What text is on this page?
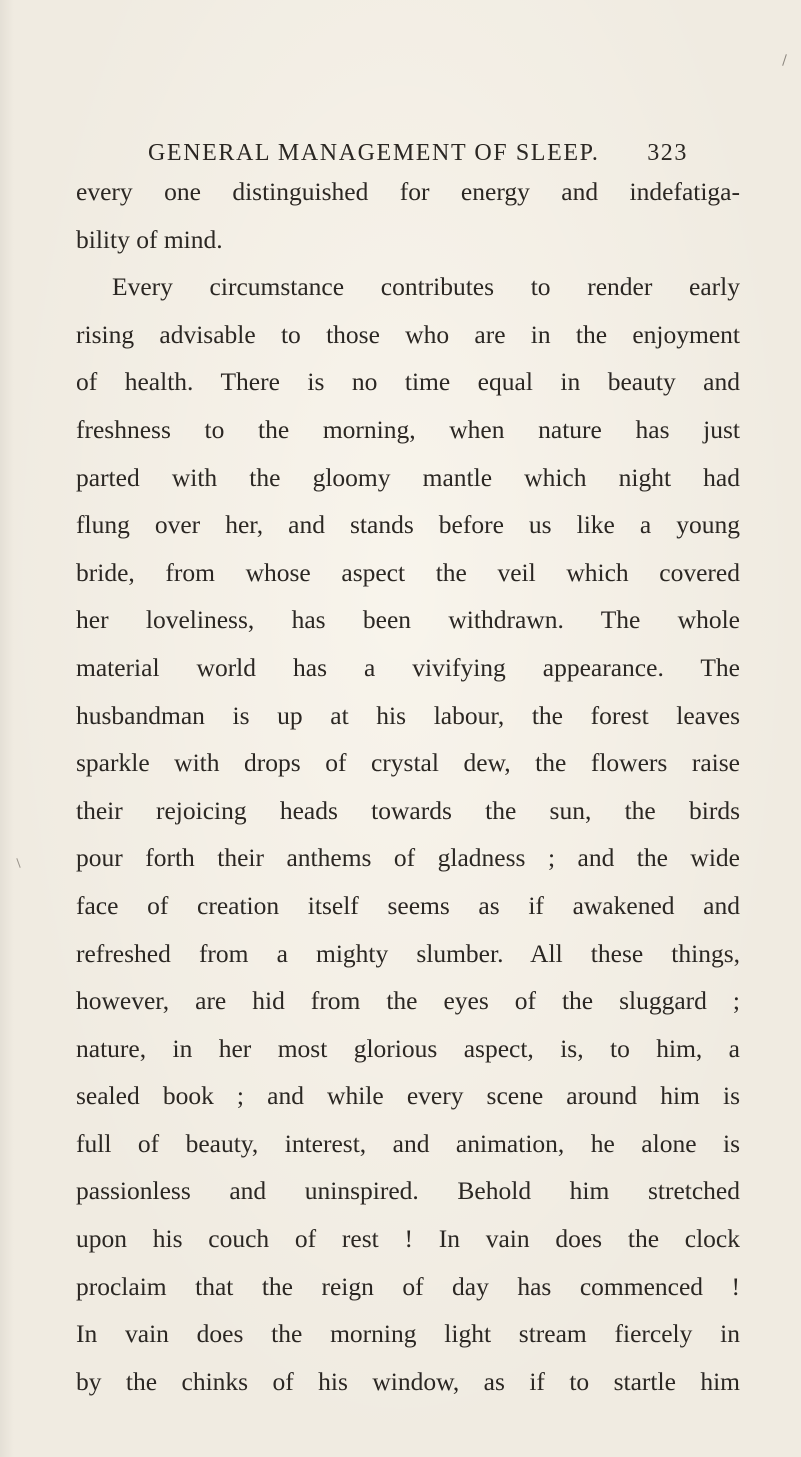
GENERAL MANAGEMENT OF SLEEP. 323
every one distinguished for energy and indefatiga-
bility of mind.
Every circumstance contributes to render early
rising advisable to those who are in the enjoyment
of health. There is no time equal in beauty and
freshness to the morning, when nature has just
parted with the gloomy mantle which night had
flung over her, and stands before us like a young
bride, from whose aspect the veil which covered
her loveliness, has been withdrawn. The whole
material world has a vivifying appearance. The
husbandman is up at his labour, the forest leaves
sparkle with drops of crystal dew, the flowers raise
their rejoicing heads towards the sun, the birds
pour forth their anthems of gladness ; and the wide
face of creation itself seems as if awakened and
refreshed from a mighty slumber. All these things,
however, are hid from the eyes of the sluggard ;
nature, in her most glorious aspect, is, to him, a
sealed book ; and while every scene around him is
full of beauty, interest, and animation, he alone is
passionless and uninspired. Behold him stretched
upon his couch of rest ! In vain does the clock
proclaim that the reign of day has commenced !
In vain does the morning light stream fiercely in
by the chinks of his window, as if to startle him
